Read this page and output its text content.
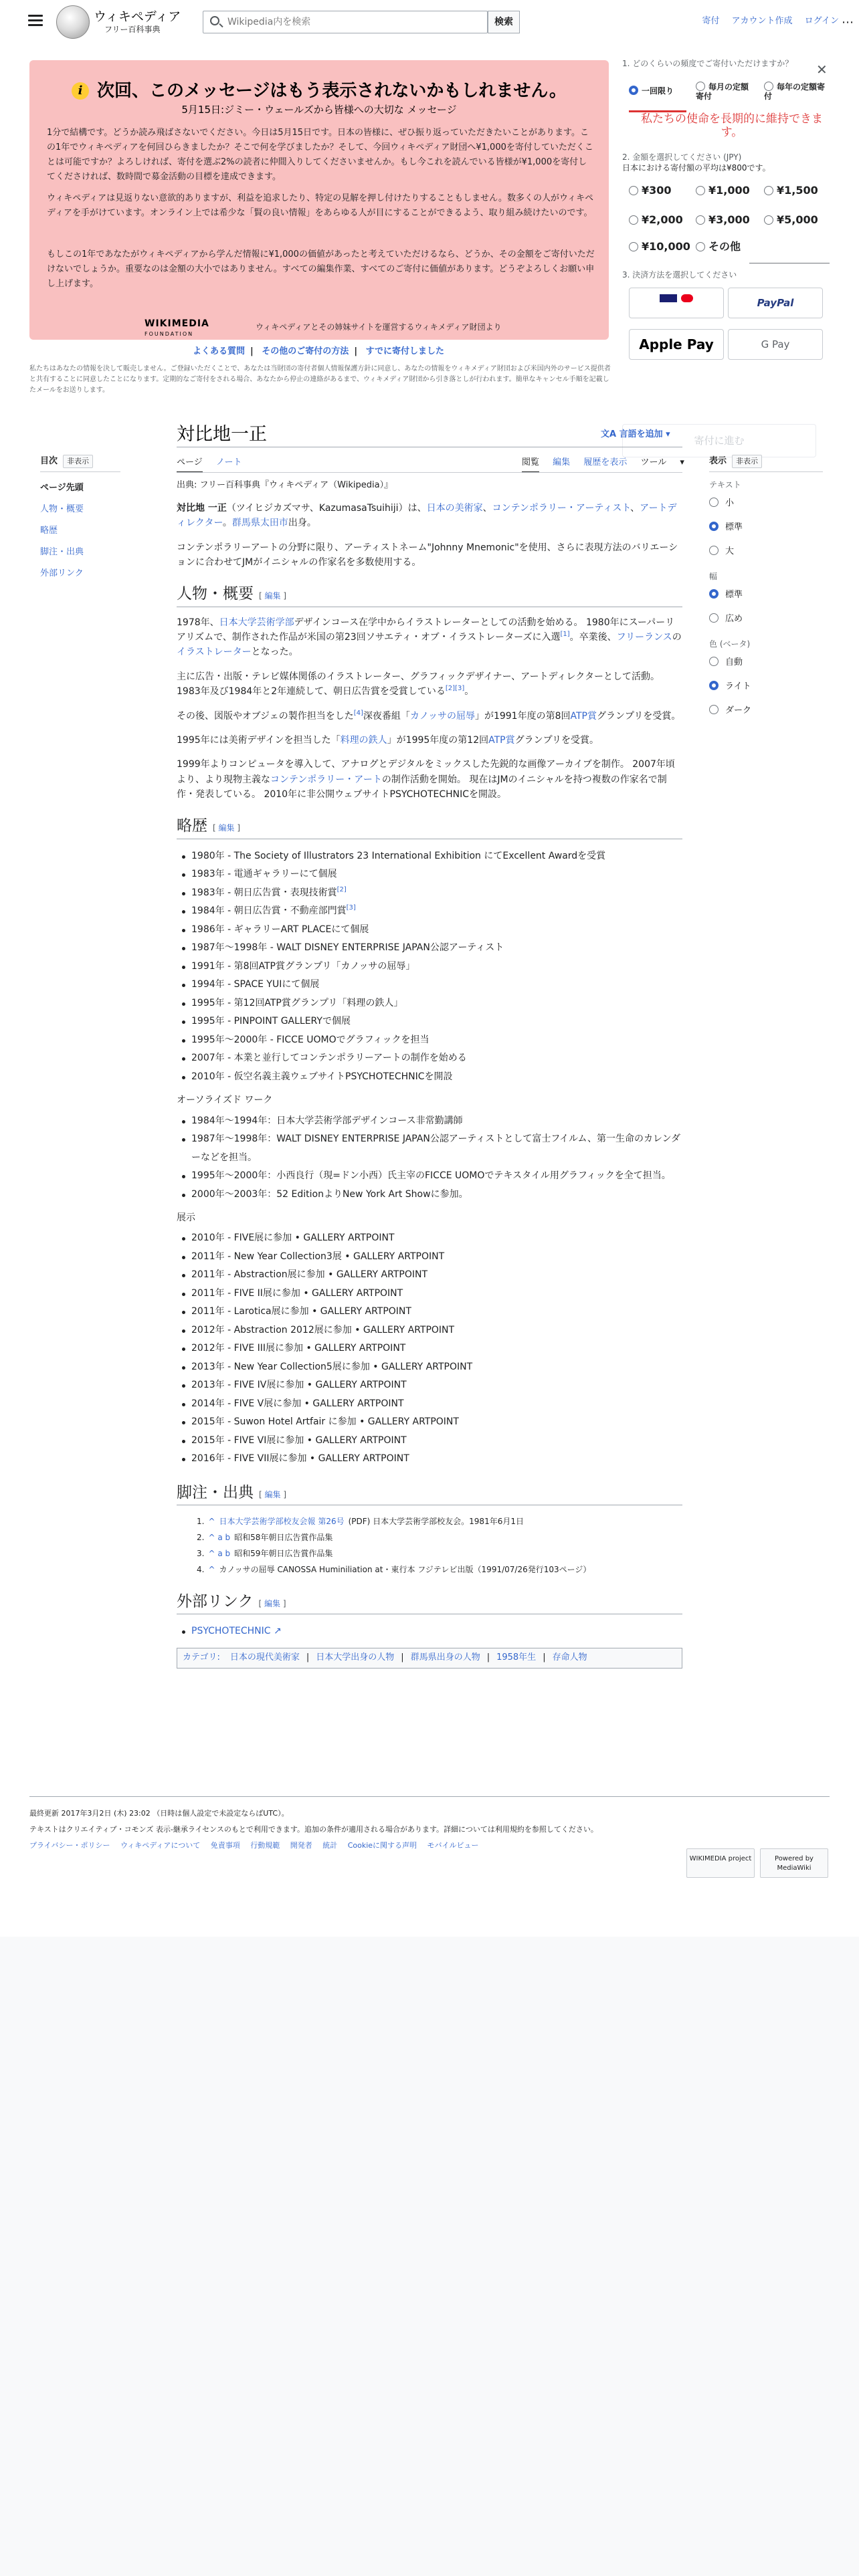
ウィキペディア
フリー百科事典
Wikipedia内を検索
検索	寄付 アカウント作成 ログイン ⋯
i 次回、このメッセージはもう表示されないかもしれません。
5月15日:ジミー・ウェールズから皆様への大切な メッセージ
1分で結構です。どうか読み飛ばさないでください。今日は5月15日です。日本の皆様に、ぜひ振り返っていただきたいことがあります。この1年でウィキペディアを何回ひらきましたか？そこで何を学びましたか？そして、今回ウィキペディア財団へ¥1,000を寄付していただくことは可能ですか？よろしければ、寄付を選ぶ2%の読者に仲間入りしてくださいませんか。もし今これを読んでいる皆様が¥1,000を寄付してくださければ、数時間で募金活動の目標を達成できます。
ウィキペディアは見返りない意欲的ありますが、利益を追求したり、特定の見解を押し付けたりすることもしません。数多くの人がウィキペディアを手がけています。オンライン上では希少な「賢の良い情報」をあらゆる人が目にすることができるよう、取り組み続けたいのです。
もしこの1年であなたがウィキペディアから学んだ情報に¥1,000の価値があったと考えていただけるなら、どうか、その金額をご寄付いただけないでしょうか。重要なのは金額の大小ではありません。すべての編集作業、すべてのご寄付に価値があります。どうぞよろしくお願い申し上げます。
WIKIMEDIA
FOUNDATION
ウィキペディアとその姉妹サイトを運営するウィキメディア財団より
よくある質問 | その他のご寄付の方法 | すでに寄付しました
私たちはあなたの情報を決して販売しません。ご登録いただくことで、あなたは当財団の寄付者個人情報保護方針に同意し、あなたの情報をウィキメディア財団および米国内外のサービス提供者と共有することに同意したことになります。定期的なご寄付をされる場合、あなたから停止の連絡があるまで、ウィキメディア財団から引き落としが行われます。簡単なキャンセル手順を記載したメールをお送りします。
1. どのくらいの頻度でご寄付いただけますか？ ✕
一回限り	毎月の定額寄付
毎年の定額寄付
私たちの使命を長期的に維持できます。
2. 金額を選択してください (JPY)
日本における寄付額の平均は¥800です。
¥300	¥1,000	¥1,500
¥2,000	¥3,000	¥5,000
¥10,000	その他
3. 決済方法を選択してください

PayPal
Apple Pay	G Pay
寄付に進む
目次 非表示
ページ先頭
人物・概要
略歴
脚注・出典
外部リンク
対比地一正	文A 言語を追加 ▾
ページ ノート	閲覧 編集 履歴を表示 ツール ▾

出典: フリー百科事典『ウィキペディア（Wikipedia）』

対比地 一正（ツイヒジカズマサ、KazumasaTsuihiji）は、日本の美術家、コンテンポラリー・アーティスト、アートディレクター。群馬県太田市出身。

コンテンポラリーアートの分野に限り、アーティストネーム"Johnny Mnemonic"を使用、さらに表現方法のバリエーションに合わせてJMがイニシャルの作家名を多数使用する。

人物・概要 [ 編集 ]

1978年、日本大学芸術学部デザインコース在学中からイラストレーターとしての活動を始める。 1980年にスーパーリアリズムで、制作された作品が米国の第23回ソサエティ・オブ・イラストレーターズに入選[1]。卒業後、フリーランスのイラストレーターとなった。

主に広告・出版・テレビ媒体関係のイラストレーター、グラフィックデザイナー、アートディレクターとして活動。 1983年及び1984年と2年連続して、朝日広告賞を受賞している[2][3]。

その後、図版やオブジェの製作担当をした[4]深夜番組「カノッサの屈辱」が1991年度の第8回ATP賞グランプリを受賞。

1995年には美術デザインを担当した「料理の鉄人」が1995年度の第12回ATP賞グランプリを受賞。

1999年よりコンピュータを導入して、アナログとデジタルをミックスした先鋭的な画像アーカイブを制作。 2007年頃より、より現物主義なコンテンポラリー・アートの制作活動を開始。 現在はJMのイニシャルを持つ複数の作家名で制作・発表している。 2010年に非公開ウェブサイトPSYCHOTECHNICを開設。

略歴 [ 編集 ]
1980年 - The Society of Illustrators 23 International Exhibition にてExcellent Awardを受賞
1983年 - 電通ギャラリーにて個展
1983年 - 朝日広告賞・表現技術賞[2]
1984年 - 朝日広告賞・不動産部門賞[3]
1986年 - ギャラリーART PLACEにて個展
1987年〜1998年 - WALT DISNEY ENTERPRISE JAPAN公認アーティスト
1991年 - 第8回ATP賞グランプリ「カノッサの屈辱」
1994年 - SPACE YUIにて個展
1995年 - 第12回ATP賞グランプリ「料理の鉄人」
1995年 - PINPOINT GALLERYで個展
1995年〜2000年 - FICCE UOMOでグラフィックを担当
2007年 - 本業と並行してコンテンポラリーアートの制作を始める
2010年 - 仮空名義主義ウェブサイトPSYCHOTECHNICを開設
オーソライズド ワーク
1984年〜1994年：日本大学芸術学部デザインコース非常勤講師
1987年〜1998年：WALT DISNEY ENTERPRISE JAPAN公認アーティストとして富士フイルム、第一生命のカレンダーなどを担当。
1995年〜2000年：小西良行（現=ドン小西）氏主宰のFICCE UOMOでテキスタイル用グラフィックを全て担当。
2000年〜2003年：52 EditionよりNew York Art Showに参加。
展示
2010年 - FIVE展に参加 • GALLERY ARTPOINT
2011年 - New Year Collection3展 • GALLERY ARTPOINT
2011年 - Abstraction展に参加 • GALLERY ARTPOINT
2011年 - FIVE II展に参加 • GALLERY ARTPOINT
2011年 - Larotica展に参加 • GALLERY ARTPOINT
2012年 - Abstraction 2012展に参加 • GALLERY ARTPOINT
2012年 - FIVE III展に参加 • GALLERY ARTPOINT
2013年 - New Year Collection5展に参加 • GALLERY ARTPOINT
2013年 - FIVE IV展に参加 • GALLERY ARTPOINT
2014年 - FIVE V展に参加 • GALLERY ARTPOINT
2015年 - Suwon Hotel Artfair に参加 • GALLERY ARTPOINT
2015年 - FIVE VI展に参加 • GALLERY ARTPOINT
2016年 - FIVE VII展に参加 • GALLERY ARTPOINT
脚注・出典 [ 編集 ]
1. ^ 日本大学芸術学部校友会報 第26号 (PDF) 日本大学芸術学部校友会。1981年6月1日
2. ^ a b 昭和58年朝日広告賞作品集
3. ^ a b 昭和59年朝日広告賞作品集
4. ^ カノッサの屈辱 CANOSSA Huminiliation at・東行本 フジテレビ出版（1991/07/26発行103ページ）
外部リンク [ 編集 ]
PSYCHOTECHNIC ↗
カテゴリ: 日本の現代美術家 | 日本大学出身の人物 | 群馬県出身の人物 | 1958年生 | 存命人物
表示 非表示
テキスト
小
標準
大
幅
標準
広め
色 (ベータ)
自動
ライト
ダーク
最終更新 2017年3月2日 (木) 23:02 （日時は個人設定で未設定ならばUTC）。
テキストはクリエイティブ・コモンズ 表示-継承ライセンスのもとで利用できます。追加の条件が適用される場合があります。詳細については利用規約を参照してください。
プライバシー・ポリシー ウィキペディアについて 免責事項 行動規範 開発者 統計 Cookieに関する声明 モバイルビュー
WIKIMEDIA project	Powered by MediaWiki
